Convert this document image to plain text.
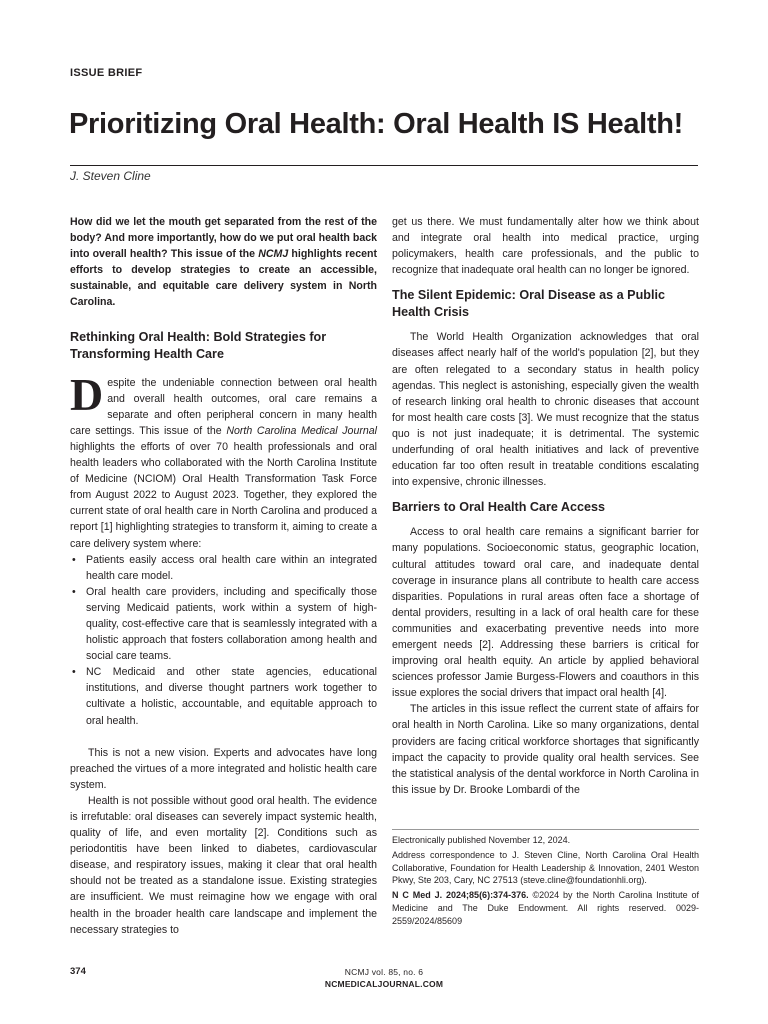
ISSUE BRIEF
Prioritizing Oral Health: Oral Health IS Health!
J. Steven Cline

How did we let the mouth get separated from the rest of the body? And more importantly, how do we put oral health back into overall health? This issue of the NCMJ highlights recent efforts to develop strategies to create an accessible, sustainable, and equitable care delivery system in North Carolina.

Rethinking Oral Health: Bold Strategies for Transforming Health Care

Despite the undeniable connection between oral health and overall health outcomes, oral care remains a separate and often peripheral concern in many health care settings. This issue of the North Carolina Medical Journal highlights the efforts of over 70 health professionals and oral health leaders who collaborated with the North Carolina Institute of Medicine (NCIOM) Oral Health Transformation Task Force from August 2022 to August 2023. Together, they explored the current state of oral health care in North Carolina and produced a report [1] highlighting strategies to transform it, aiming to create a care delivery system where:

• Patients easily access oral health care within an integrated health care model.
• Oral health care providers, including and specifically those serving Medicaid patients, work within a system of high-quality, cost-effective care that is seamlessly integrated with a holistic approach that fosters collaboration among health and social care teams.
• NC Medicaid and other state agencies, educational institutions, and diverse thought partners work together to cultivate a holistic, accountable, and equitable approach to oral health.

This is not a new vision. Experts and advocates have long preached the virtues of a more integrated and holistic health care system.

Health is not possible without good oral health. The evidence is irrefutable: oral diseases can severely impact systemic health, quality of life, and even mortality [2]. Conditions such as periodontitis have been linked to diabetes, cardiovascular disease, and respiratory issues, making it clear that oral health should not be treated as a standalone issue. Existing strategies are insufficient. We must reimagine how we engage with oral health in the broader health care landscape and implement the necessary strategies to

get us there. We must fundamentally alter how we think about and integrate oral health into medical practice, urging policymakers, health care professionals, and the public to recognize that inadequate oral health can no longer be ignored.

The Silent Epidemic: Oral Disease as a Public Health Crisis

The World Health Organization acknowledges that oral diseases affect nearly half of the world's population [2], but they are often relegated to a secondary status in health policy agendas. This neglect is astonishing, especially given the wealth of research linking oral health to chronic diseases that account for most health care costs [3]. We must recognize that the status quo is not just inadequate; it is detrimental. The systemic underfunding of oral health initiatives and lack of preventive education far too often result in treatable conditions escalating into expensive, chronic illnesses.

Barriers to Oral Health Care Access

Access to oral health care remains a significant barrier for many populations. Socioeconomic status, geographic location, cultural attitudes toward oral care, and inadequate dental coverage in insurance plans all contribute to health care access disparities. Populations in rural areas often face a shortage of dental providers, resulting in a lack of oral health care for these communities and exacerbating preventive needs into more emergent needs [2]. Addressing these barriers is critical for improving oral health equity. An article by applied behavioral sciences professor Jamie Burgess-Flowers and coauthors in this issue explores the social drivers that impact oral health [4].

The articles in this issue reflect the current state of affairs for oral health in North Carolina. Like so many organizations, dental providers are facing critical workforce shortages that significantly impact the capacity to provide quality oral health services. See the statistical analysis of the dental workforce in North Carolina in this issue by Dr. Brooke Lombardi of the

Electronically published November 12, 2024.

Address correspondence to J. Steven Cline, North Carolina Oral Health Collaborative, Foundation for Health Leadership & Innovation, 2401 Weston Pkwy, Ste 203, Cary, NC 27513 (steve.cline@foundationhli.org).

N C Med J. 2024;85(6):374-376. ©2024 by the North Carolina Institute of Medicine and The Duke Endowment. All rights reserved. 0029-2559/2024/85609

374	NCMJ vol. 85, no. 6
NCMEDICALJOURNAL.COM
